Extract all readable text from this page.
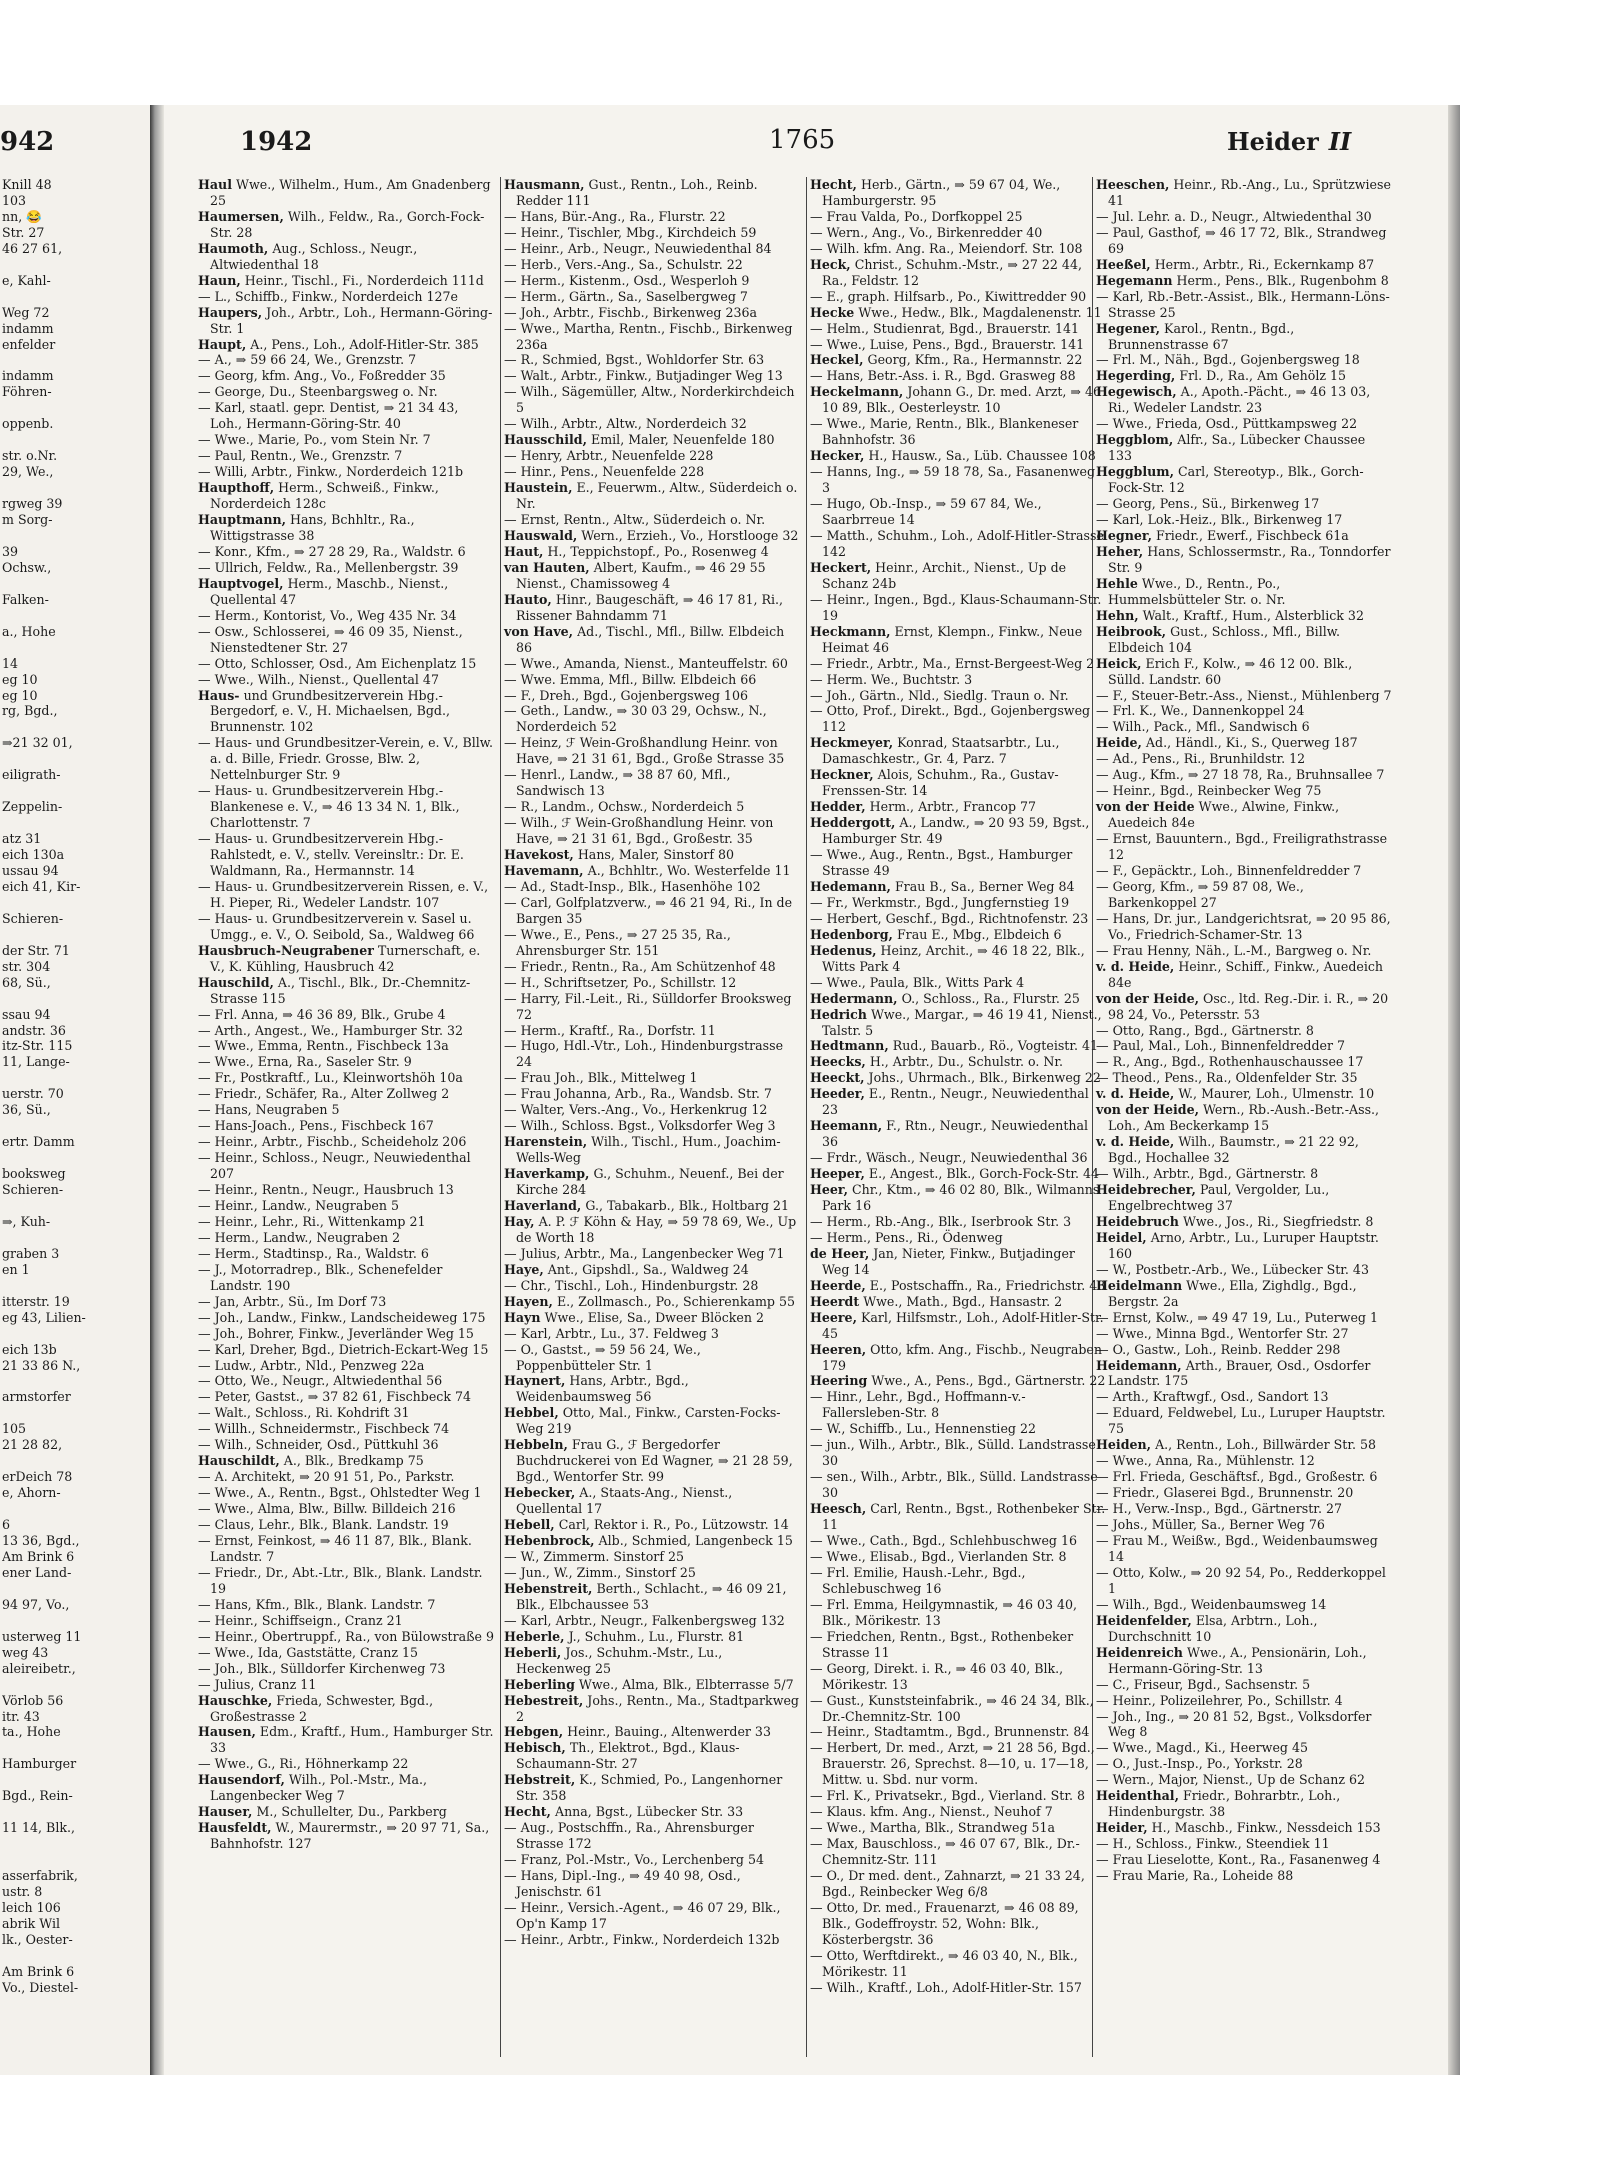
942
Knill 48
103
nn, 😂
Str. 27
46 27 61,

e, Kahl-

Weg 72
indamm
enfelder

indamm
Föhren-

oppenb.

str. o.Nr.
29, We.,

rgweg 39
m Sorg-

39
Ochsw.,

Falken-

a., Hohe

14
eg 10
eg 10
rg, Bgd.,

⇒21 32 01,

eiligrath-

Zeppelin-

atz 31
eich 130a
ussau 94
eich 41, Kir-

Schieren-

der Str. 71
str. 304
68, Sü.,

ssau 94
andstr. 36
itz-Str. 115
11, Lange-

uerstr. 70
36, Sü.,

ertr. Damm

booksweg
Schieren-

⇒, Kuh-

graben 3
en 1

itterstr. 19
eg 43, Lilien-

eich 13b
21 33 86 N.,

armstorfer

105
21 28 82,

erDeich 78
e, Ahorn-

6
13 36, Bgd.,
Am Brink 6
ener Land-

94 97, Vo.,

usterweg 11
weg 43
aleireibetr.,

Vörlob 56
itr. 43
ta., Hohe

Hamburger

Bgd., Rein-

11 14, Blk.,

asserfabrik,
ustr. 8
leich 106
abrik Wil
lk., Oester-

Am Brink 6
Vo., Diestel-
1942	1765	Heider II
Haul Wwe., Wilhelm., Hum., Am Gnadenberg 25
Haumersen, Wilh., Feldw., Ra., Gorch-Fock-Str. 28
Haumoth, Aug., Schloss., Neugr., Altwiedenthal 18
Haun, Heinr., Tischl., Fi., Norderdeich 111d
— L., Schiffb., Finkw., Norderdeich 127e
Haupers, Joh., Arbtr., Loh., Hermann-Göring-Str. 1
Haupt, A., Pens., Loh., Adolf-Hitler-Str. 385
— A., ⇒ 59 66 24, We., Grenzstr. 7
— Georg, kfm. Ang., Vo., Foßredder 35
— George, Du., Steenbargsweg o. Nr.
— Karl, staatl. gepr. Dentist, ⇒ 21 34 43, Loh., Hermann-Göring-Str. 40
— Wwe., Marie, Po., vom Stein Nr. 7
— Paul, Rentn., We., Grenzstr. 7
— Willi, Arbtr., Finkw., Norderdeich 121b
Haupthoff, Herm., Schweiß., Finkw., Norderdeich 128c
Hauptmann, Hans, Bchhltr., Ra., Wittigstrasse 38
— Konr., Kfm., ⇒ 27 28 29, Ra., Waldstr. 6
— Ullrich, Feldw., Ra., Mellenbergstr. 39
Hauptvogel, Herm., Maschb., Nienst., Quellental 47
— Herm., Kontorist, Vo., Weg 435 Nr. 34
— Osw., Schlosserei, ⇒ 46 09 35, Nienst., Nienstedtener Str. 27
— Otto, Schlosser, Osd., Am Eichenplatz 15
— Wwe., Wilh., Nienst., Quellental 47
Haus- und Grundbesitzerverein Hbg.-Bergedorf, e. V., H. Michaelsen, Bgd., Brunnenstr. 102
— Haus- und Grundbesitzer-Verein, e. V., Bllw. a. d. Bille, Friedr. Grosse, Blw. 2, Nettelnburger Str. 9
— Haus- u. Grundbesitzerverein Hbg.-Blankenese e. V., ⇒ 46 13 34 N. 1, Blk., Charlottenstr. 7
— Haus- u. Grundbesitzerverein Hbg.-Rahlstedt, e. V., stellv. Vereinsltr.: Dr. E. Waldmann, Ra., Hermannstr. 14
— Haus- u. Grundbesitzerverein Rissen, e. V., H. Pieper, Ri., Wedeler Landstr. 107
— Haus- u. Grundbesitzerverein v. Sasel u. Umgg., e. V., O. Seibold, Sa., Waldweg 66
Hausbruch-Neugrabener Turnerschaft, e. V., K. Kühling, Hausbruch 42
Hauschild, A., Tischl., Blk., Dr.-Chemnitz-Strasse 115
— Frl. Anna, ⇒ 46 36 89, Blk., Grube 4
— Arth., Angest., We., Hamburger Str. 32
— Wwe., Emma, Rentn., Fischbeck 13a
— Wwe., Erna, Ra., Saseler Str. 9
— Fr., Postkraftf., Lu., Kleinwortshöh 10a
— Friedr., Schäfer, Ra., Alter Zollweg 2
— Hans, Neugraben 5
— Hans-Joach., Pens., Fischbeck 167
— Heinr., Arbtr., Fischb., Scheideholz 206
— Heinr., Schloss., Neugr., Neuwiedenthal 207
— Heinr., Rentn., Neugr., Hausbruch 13
— Heinr., Landw., Neugraben 5
— Heinr., Lehr., Ri., Wittenkamp 21
— Herm., Landw., Neugraben 2
— Herm., Stadtinsp., Ra., Waldstr. 6
— J., Motorradrep., Blk., Schenefelder Landstr. 190
— Jan, Arbtr., Sü., Im Dorf 73
— Joh., Landw., Finkw., Landscheideweg 175
— Joh., Bohrer, Finkw., Jeverländer Weg 15
— Karl, Dreher, Bgd., Dietrich-Eckart-Weg 15
— Ludw., Arbtr., Nld., Penzweg 22a
— Otto, We., Neugr., Altwiedenthal 56
— Peter, Gastst., ⇒ 37 82 61, Fischbeck 74
— Walt., Schloss., Ri. Kohdrift 31
— Willh., Schneidermstr., Fischbeck 74
— Wilh., Schneider, Osd., Püttkuhl 36
Hauschildt, A., Blk., Bredkamp 75
— A. Architekt, ⇒ 20 91 51, Po., Parkstr.
— Wwe., A., Rentn., Bgst., Ohlstedter Weg 1
— Wwe., Alma, Blw., Billw. Billdeich 216
— Claus, Lehr., Blk., Blank. Landstr. 19
— Ernst, Feinkost, ⇒ 46 11 87, Blk., Blank. Landstr. 7
— Friedr., Dr., Abt.-Ltr., Blk., Blank. Landstr. 19
— Hans, Kfm., Blk., Blank. Landstr. 7
— Heinr., Schiffseign., Cranz 21
— Heinr., Obertruppf., Ra., von Bülowstraße 9
— Wwe., Ida, Gaststätte, Cranz 15
— Joh., Blk., Sülldorfer Kirchenweg 73
— Julius, Cranz 11
Hauschke, Frieda, Schwester, Bgd., Großestrasse 2
Hausen, Edm., Kraftf., Hum., Hamburger Str. 33
— Wwe., G., Ri., Höhnerkamp 22
Hausendorf, Wilh., Pol.-Mstr., Ma., Langenbecker Weg 7
Hauser, M., Schullelter, Du., Parkberg
Hausfeldt, W., Maurermstr., ⇒ 20 97 71, Sa., Bahnhofstr. 127
Hausmann, Gust., Rentn., Loh., Reinb. Redder 111
— Hans, Bür.-Ang., Ra., Flurstr. 22
— Heinr., Tischler, Mbg., Kirchdeich 59
— Heinr., Arb., Neugr., Neuwiedenthal 84
— Herb., Vers.-Ang., Sa., Schulstr. 22
— Herm., Kistenm., Osd., Wesperloh 9
— Herm., Gärtn., Sa., Saselbergweg 7
— Joh., Arbtr., Fischb., Birkenweg 236a
— Wwe., Martha, Rentn., Fischb., Birkenweg 236a
— R., Schmied, Bgst., Wohldorfer Str. 63
— Walt., Arbtr., Finkw., Butjadinger Weg 13
— Wilh., Sägemüller, Altw., Norderkirchdeich 5
— Wilh., Arbtr., Altw., Norderdeich 32
Hausschild, Emil, Maler, Neuenfelde 180
— Henry, Arbtr., Neuenfelde 228
— Hinr., Pens., Neuenfelde 228
Haustein, E., Feuerwm., Altw., Süderdeich o. Nr.
— Ernst, Rentn., Altw., Süderdeich o. Nr.
Hauswald, Wern., Erzieh., Vo., Horstlooge 32
Haut, H., Teppichstopf., Po., Rosenweg 4
van Hauten, Albert, Kaufm., ⇒ 46 29 55 Nienst., Chamissoweg 4
Hauto, Hinr., Baugeschäft, ⇒ 46 17 81, Ri., Rissener Bahndamm 71
von Have, Ad., Tischl., Mfl., Billw. Elbdeich 86
— Wwe., Amanda, Nienst., Manteuffelstr. 60
— Wwe. Emma, Mfl., Billw. Elbdeich 66
— F., Dreh., Bgd., Gojenbergsweg 106
— Geth., Landw., ⇒ 30 03 29, Ochsw., N., Norderdeich 52
— Heinz, ℱ Wein-Großhandlung Heinr. von Have, ⇒ 21 31 61, Bgd., Große Strasse 35
— Henrl., Landw., ⇒ 38 87 60, Mfl., Sandwisch 13
— R., Landm., Ochsw., Norderdeich 5
— Wilh., ℱ Wein-Großhandlung Heinr. von Have, ⇒ 21 31 61, Bgd., Großestr. 35
Havekost, Hans, Maler, Sinstorf 80
Havemann, A., Bchhltr., Wo. Westerfelde 11
— Ad., Stadt-Insp., Blk., Hasenhöhe 102
— Carl, Golfplatzverw., ⇒ 46 21 94, Ri., In de Bargen 35
— Wwe., E., Pens., ⇒ 27 25 35, Ra., Ahrensburger Str. 151
— Friedr., Rentn., Ra., Am Schützenhof 48
— H., Schriftsetzer, Po., Schillstr. 12
— Harry, Fil.-Leit., Ri., Sülldorfer Brooksweg 72
— Herm., Kraftf., Ra., Dorfstr. 11
— Hugo, Hdl.-Vtr., Loh., Hindenburgstrasse 24
— Frau Joh., Blk., Mittelweg 1
— Frau Johanna, Arb., Ra., Wandsb. Str. 7
— Walter, Vers.-Ang., Vo., Herkenkrug 12
— Wilh., Schloss. Bgst., Volksdorfer Weg 3
Harenstein, Wilh., Tischl., Hum., Joachim-Wells-Weg
Haverkamp, G., Schuhm., Neuenf., Bei der Kirche 284
Haverland, G., Tabakarb., Blk., Holtbarg 21
Hay, A. P. ℱ Köhn & Hay, ⇒ 59 78 69, We., Up de Worth 18
— Julius, Arbtr., Ma., Langenbecker Weg 71
Haye, Ant., Gipshdl., Sa., Waldweg 24
— Chr., Tischl., Loh., Hindenburgstr. 28
Hayen, E., Zollmasch., Po., Schierenkamp 55
Hayn Wwe., Elise, Sa., Dweer Blöcken 2
— Karl, Arbtr., Lu., 37. Feldweg 3
— O., Gastst., ⇒ 59 56 24, We., Poppenbütteler Str. 1
Haynert, Hans, Arbtr., Bgd., Weidenbaumsweg 56
Hebbel, Otto, Mal., Finkw., Carsten-Focks-Weg 219
Hebbeln, Frau G., ℱ Bergedorfer Buchdruckerei von Ed Wagner, ⇒ 21 28 59, Bgd., Wentorfer Str. 99
Hebecker, A., Staats-Ang., Nienst., Quellental 17
Hebell, Carl, Rektor i. R., Po., Lützowstr. 14
Hebenbrock, Alb., Schmied, Langenbeck 15
— W., Zimmerm. Sinstorf 25
— Jun., W., Zimm., Sinstorf 25
Hebenstreit, Berth., Schlacht., ⇒ 46 09 21, Blk., Elbchaussee 53
— Karl, Arbtr., Neugr., Falkenbergsweg 132
Heberle, J., Schuhm., Lu., Flurstr. 81
Heberli, Jos., Schuhm.-Mstr., Lu., Heckenweg 25
Heberling Wwe., Alma, Blk., Elbterrasse 5/7
Hebestreit, Johs., Rentn., Ma., Stadtparkweg 2
Hebgen, Heinr., Bauing., Altenwerder 33
Hebisch, Th., Elektrot., Bgd., Klaus-Schaumann-Str. 27
Hebstreit, K., Schmied, Po., Langenhorner Str. 358
Hecht, Anna, Bgst., Lübecker Str. 33
— Aug., Postschffn., Ra., Ahrensburger Strasse 172
— Franz, Pol.-Mstr., Vo., Lerchenberg 54
— Hans, Dipl.-Ing., ⇒ 49 40 98, Osd., Jenischstr. 61
— Heinr., Versich.-Agent., ⇒ 46 07 29, Blk., Op'n Kamp 17
— Heinr., Arbtr., Finkw., Norderdeich 132b
Hecht, Herb., Gärtn., ⇒ 59 67 04, We., Hamburgerstr. 95
— Frau Valda, Po., Dorfkoppel 25
— Wern., Ang., Vo., Birkenredder 40
— Wilh. kfm. Ang. Ra., Meiendorf. Str. 108
Heck, Christ., Schuhm.-Mstr., ⇒ 27 22 44, Ra., Feldstr. 12
— E., graph. Hilfsarb., Po., Kiwittredder 90
Hecke Wwe., Hedw., Blk., Magdalenenstr. 11
— Helm., Studienrat, Bgd., Brauerstr. 141
— Wwe., Luise, Pens., Bgd., Brauerstr. 141
Heckel, Georg, Kfm., Ra., Hermannstr. 22
— Hans, Betr.-Ass. i. R., Bgd. Grasweg 88
Heckelmann, Johann G., Dr. med. Arzt, ⇒ 46 10 89, Blk., Oesterleystr. 10
— Wwe., Marie, Rentn., Blk., Blankeneser Bahnhofstr. 36
Hecker, H., Hausw., Sa., Lüb. Chaussee 108
— Hanns, Ing., ⇒ 59 18 78, Sa., Fasanenweg 3
— Hugo, Ob.-Insp., ⇒ 59 67 84, We., Saarbrreue 14
— Matth., Schuhm., Loh., Adolf-Hitler-Strasse 142
Heckert, Heinr., Archit., Nienst., Up de Schanz 24b
— Heinr., Ingen., Bgd., Klaus-Schaumann-Str. 19
Heckmann, Ernst, Klempn., Finkw., Neue Heimat 46
— Friedr., Arbtr., Ma., Ernst-Bergeest-Weg 2
— Herm. We., Buchtstr. 3
— Joh., Gärtn., Nld., Siedlg. Traun o. Nr.
— Otto, Prof., Direkt., Bgd., Gojenbergsweg 112
Heckmeyer, Konrad, Staatsarbtr., Lu., Damaschkestr., Gr. 4, Parz. 7
Heckner, Alois, Schuhm., Ra., Gustav-Frenssen-Str. 14
Hedder, Herm., Arbtr., Francop 77
Heddergott, A., Landw., ⇒ 20 93 59, Bgst., Hamburger Str. 49
— Wwe., Aug., Rentn., Bgst., Hamburger Strasse 49
Hedemann, Frau B., Sa., Berner Weg 84
— Fr., Werkmstr., Bgd., Jungfernstieg 19
— Herbert, Geschf., Bgd., Richtnofenstr. 23
Hedenborg, Frau E., Mbg., Elbdeich 6
Hedenus, Heinz, Archit., ⇒ 46 18 22, Blk., Witts Park 4
— Wwe., Paula, Blk., Witts Park 4
Hedermann, O., Schloss., Ra., Flurstr. 25
Hedrich Wwe., Margar., ⇒ 46 19 41, Nienst., Talstr. 5
Hedtmann, Rud., Bauarb., Rö., Vogteistr. 41
Heecks, H., Arbtr., Du., Schulstr. o. Nr.
Heeckt, Johs., Uhrmach., Blk., Birkenweg 22
Heeder, E., Rentn., Neugr., Neuwiedenthal 23
Heemann, F., Rtn., Neugr., Neuwiedenthal 36
— Frdr., Wäsch., Neugr., Neuwiedenthal 36
Heeper, E., Angest., Blk., Gorch-Fock-Str. 44
Heer, Chr., Ktm., ⇒ 46 02 80, Blk., Wilmanns Park 16
— Herm., Rb.-Ang., Blk., Iserbrook Str. 3
— Herm., Pens., Ri., Ödenweg
de Heer, Jan, Nieter, Finkw., Butjadinger Weg 14
Heerde, E., Postschaffn., Ra., Friedrichstr. 43
Heerdt Wwe., Math., Bgd., Hansastr. 2
Heere, Karl, Hilfsmstr., Loh., Adolf-Hitler-Str. 45
Heeren, Otto, kfm. Ang., Fischb., Neugraben 179
Heering Wwe., A., Pens., Bgd., Gärtnerstr. 22
— Hinr., Lehr., Bgd., Hoffmann-v.-Fallersleben-Str. 8
— W., Schiffb., Lu., Hennenstieg 22
— jun., Wilh., Arbtr., Blk., Sülld. Landstrasse 30
— sen., Wilh., Arbtr., Blk., Sülld. Landstrasse 30
Heesch, Carl, Rentn., Bgst., Rothenbeker Str. 11
— Wwe., Cath., Bgd., Schlehbuschweg 16
— Wwe., Elisab., Bgd., Vierlanden Str. 8
— Frl. Emilie, Haush.-Lehr., Bgd., Schlebuschweg 16
— Frl. Emma, Heilgymnastik, ⇒ 46 03 40, Blk., Mörikestr. 13
— Friedchen, Rentn., Bgst., Rothenbeker Strasse 11
— Georg, Direkt. i. R., ⇒ 46 03 40, Blk., Mörikestr. 13
— Gust., Kunststeinfabrik., ⇒ 46 24 34, Blk., Dr.-Chemnitz-Str. 100
— Heinr., Stadtamtm., Bgd., Brunnenstr. 84
— Herbert, Dr. med., Arzt, ⇒ 21 28 56, Bgd., Brauerstr. 26, Sprechst. 8—10, u. 17—18, Mittw. u. Sbd. nur vorm.
— Frl. K., Privatsekr., Bgd., Vierland. Str. 8
— Klaus. kfm. Ang., Nienst., Neuhof 7
— Wwe., Martha, Blk., Strandweg 51a
— Max, Bauschloss., ⇒ 46 07 67, Blk., Dr.-Chemnitz-Str. 111
— O., Dr med. dent., Zahnarzt, ⇒ 21 33 24, Bgd., Reinbecker Weg 6/8
— Otto, Dr. med., Frauenarzt, ⇒ 46 08 89, Blk., Godeffroystr. 52, Wohn: Blk., Kösterbergstr. 36
— Otto, Werftdirekt., ⇒ 46 03 40, N., Blk., Mörikestr. 11
— Wilh., Kraftf., Loh., Adolf-Hitler-Str. 157
Heeschen, Heinr., Rb.-Ang., Lu., Sprützwiese 41
— Jul. Lehr. a. D., Neugr., Altwiedenthal 30
— Paul, Gasthof, ⇒ 46 17 72, Blk., Strandweg 69
Heeßel, Herm., Arbtr., Ri., Eckernkamp 87
Hegemann Herm., Pens., Blk., Rugenbohm 8
— Karl, Rb.-Betr.-Assist., Blk., Hermann-Löns-Strasse 25
Hegener, Karol., Rentn., Bgd., Brunnenstrasse 67
— Frl. M., Näh., Bgd., Gojenbergsweg 18
Hegerding, Frl. D., Ra., Am Gehölz 15
Hegewisch, A., Apoth.-Pächt., ⇒ 46 13 03, Ri., Wedeler Landstr. 23
— Wwe., Frieda, Osd., Püttkampsweg 22
Heggblom, Alfr., Sa., Lübecker Chaussee 133
Heggblum, Carl, Stereotyp., Blk., Gorch-Fock-Str. 12
— Georg, Pens., Sü., Birkenweg 17
— Karl, Lok.-Heiz., Blk., Birkenweg 17
Hegner, Friedr., Ewerf., Fischbeck 61a
Heher, Hans, Schlossermstr., Ra., Tonndorfer Str. 9
Hehle Wwe., D., Rentn., Po., Hummelsbütteler Str. o. Nr.
Hehn, Walt., Kraftf., Hum., Alsterblick 32
Heibrook, Gust., Schloss., Mfl., Billw. Elbdeich 104
Heick, Erich F., Kolw., ⇒ 46 12 00. Blk., Sülld. Landstr. 60
— F., Steuer-Betr.-Ass., Nienst., Mühlenberg 7
— Frl. K., We., Dannenkoppel 24
— Wilh., Pack., Mfl., Sandwisch 6
Heide, Ad., Händl., Ki., S., Querweg 187
— Ad., Pens., Ri., Brunhildstr. 12
— Aug., Kfm., ⇒ 27 18 78, Ra., Bruhnsallee 7
— Heinr., Bgd., Reinbecker Weg 75
von der Heide Wwe., Alwine, Finkw., Auedeich 84e
— Ernst, Bauuntern., Bgd., Freiligrathstrasse 12
— F., Gepäcktr., Loh., Binnenfeldredder 7
— Georg, Kfm., ⇒ 59 87 08, We., Barkenkoppel 27
— Hans, Dr. jur., Landgerichtsrat, ⇒ 20 95 86, Vo., Friedrich-Schamer-Str. 13
— Frau Henny, Näh., L.-M., Bargweg o. Nr.
v. d. Heide, Heinr., Schiff., Finkw., Auedeich 84e
von der Heide, Osc., ltd. Reg.-Dir. i. R., ⇒ 20 98 24, Vo., Petersstr. 53
— Otto, Rang., Bgd., Gärtnerstr. 8
— Paul, Mal., Loh., Binnenfeldredder 7
— R., Ang., Bgd., Rothenhauschaussee 17
— Theod., Pens., Ra., Oldenfelder Str. 35
v. d. Heide, W., Maurer, Loh., Ulmenstr. 10
von der Heide, Wern., Rb.-Aush.-Betr.-Ass., Loh., Am Beckerkamp 15
v. d. Heide, Wilh., Baumstr., ⇒ 21 22 92, Bgd., Hochallee 32
— Wilh., Arbtr., Bgd., Gärtnerstr. 8
Heidebrecher, Paul, Vergolder, Lu., Engelbrechtweg 37
Heidebruch Wwe., Jos., Ri., Siegfriedstr. 8
Heidel, Arno, Arbtr., Lu., Luruper Hauptstr. 160
— W., Postbetr.-Arb., We., Lübecker Str. 43
Heidelmann Wwe., Ella, Zighdlg., Bgd., Bergstr. 2a
— Ernst, Kolw., ⇒ 49 47 19, Lu., Puterweg 1
— Wwe., Minna Bgd., Wentorfer Str. 27
— O., Gastw., Loh., Reinb. Redder 298
Heidemann, Arth., Brauer, Osd., Osdorfer Landstr. 175
— Arth., Kraftwgf., Osd., Sandort 13
— Eduard, Feldwebel, Lu., Luruper Hauptstr. 75
Heiden, A., Rentn., Loh., Billwärder Str. 58
— Wwe., Anna, Ra., Mühlenstr. 12
— Frl. Frieda, Geschäftsf., Bgd., Großestr. 6
— Friedr., Glaserei Bgd., Brunnenstr. 20
— H., Verw.-Insp., Bgd., Gärtnerstr. 27
— Johs., Müller, Sa., Berner Weg 76
— Frau M., Weißw., Bgd., Weidenbaumsweg 14
— Otto, Kolw., ⇒ 20 92 54, Po., Redderkoppel 1
— Wilh., Bgd., Weidenbaumsweg 14
Heidenfelder, Elsa, Arbtrn., Loh., Durchschnitt 10
Heidenreich Wwe., A., Pensionärin, Loh., Hermann-Göring-Str. 13
— C., Friseur, Bgd., Sachsenstr. 5
— Heinr., Polizeilehrer, Po., Schillstr. 4
— Joh., Ing., ⇒ 20 81 52, Bgst., Volksdorfer Weg 8
— Wwe., Magd., Ki., Heerweg 45
— O., Just.-Insp., Po., Yorkstr. 28
— Wern., Major, Nienst., Up de Schanz 62
Heidenthal, Friedr., Bohrarbtr., Loh., Hindenburgstr. 38
Heider, H., Maschb., Finkw., Nessdeich 153
— H., Schloss., Finkw., Steendiek 11
— Frau Lieselotte, Kont., Ra., Fasanenweg 4
— Frau Marie, Ra., Loheide 88
